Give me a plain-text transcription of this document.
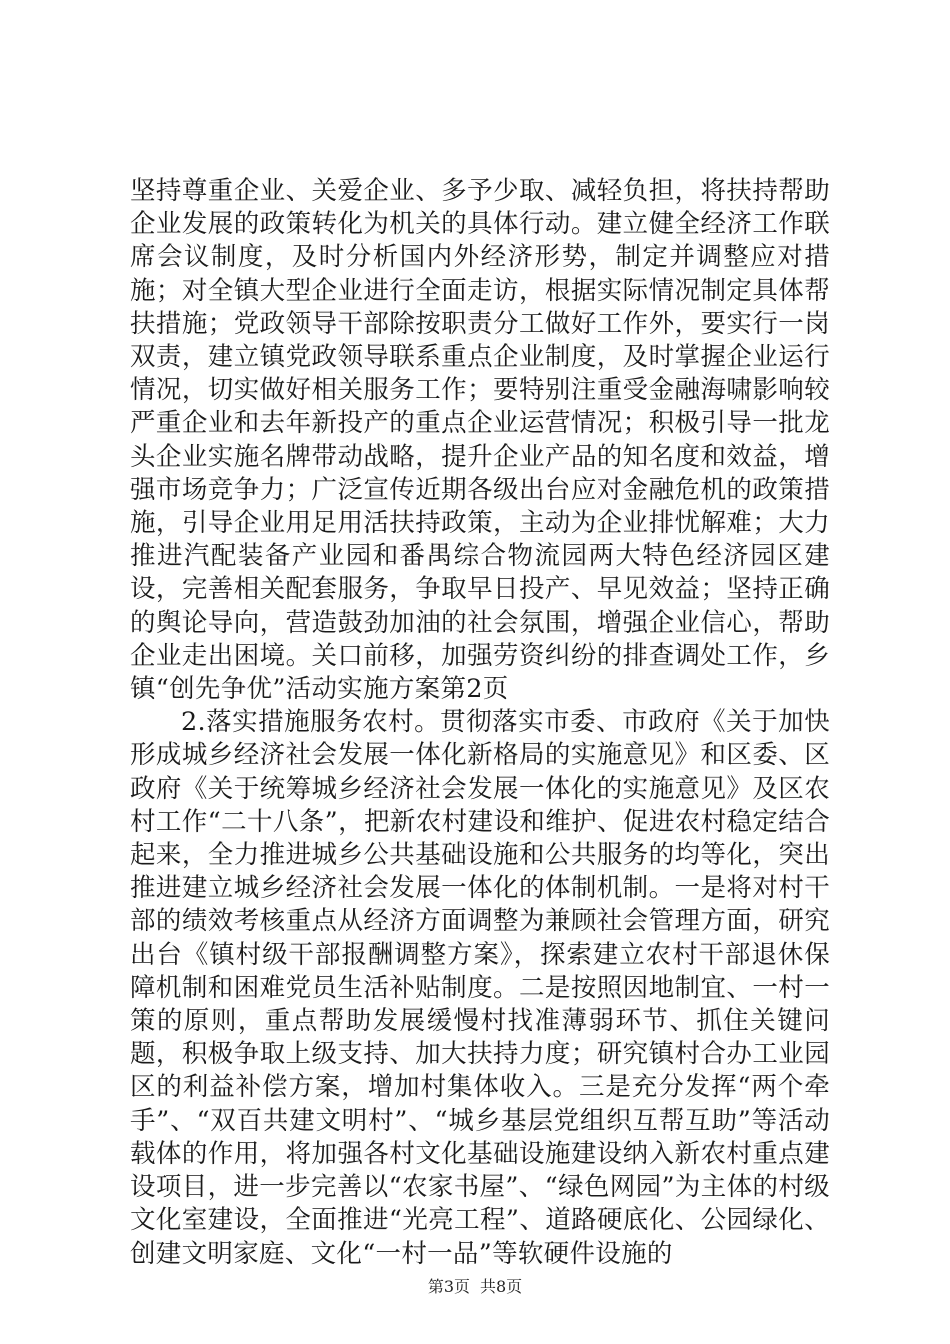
坚持尊重企业、关爱企业、多予少取、减轻负担，将扶持帮助企业发展的政策转化为机关的具体行动。建立健全经济工作联席会议制度，及时分析国内外经济形势，制定并调整应对措施；对全镇大型企业进行全面走访，根据实际情况制定具体帮扶措施；党政领导干部除按职责分工做好工作外，要实行一岗双责，建立镇党政领导联系重点企业制度，及时掌握企业运行情况，切实做好相关服务工作；要特别注重受金融海啸影响较严重企业和去年新投产的重点企业运营情况；积极引导一批龙头企业实施名牌带动战略，提升企业产品的知名度和效益，增强市场竞争力；广泛宣传近期各级出台应对金融危机的政策措施，引导企业用足用活扶持政策，主动为企业排忧解难；大力推进汽配装备产业园和番禺综合物流园两大特色经济园区建设，完善相关配套服务，争取早日投产、早见效益；坚持正确的舆论导向，营造鼓劲加油的社会氛围，增强企业信心，帮助企业走出困境。关口前移，加强劳资纠纷的排查调处工作，乡镇“创先争优”活动实施方案第2页

2.落实措施服务农村。贯彻落实市委、市政府《关于加快形成城乡经济社会发展一体化新格局的实施意见》和区委、区政府《关于统筹城乡经济社会发展一体化的实施意见》及区农村工作“二十八条”，把新农村建设和维护、促进农村稳定结合起来，全力推进城乡公共基础设施和公共服务的均等化，突出推进建立城乡经济社会发展一体化的体制机制。一是将对村干部的绩效考核重点从经济方面调整为兼顾社会管理方面，研究出台《镇村级干部报酬调整方案》，探索建立农村干部退休保障机制和困难党员生活补贴制度。二是按照因地制宜、一村一策的原则，重点帮助发展缓慢村找准薄弱环节、抓住关键问题，积极争取上级支持、加大扶持力度；研究镇村合办工业园区的利益补偿方案，增加村集体收入。三是充分发挥“两个牵手”、“双百共建文明村”、“城乡基层党组织互帮互助”等活动载体的作用，将加强各村文化基础设施建设纳入新农村重点建设项目，进一步完善以“农家书屋”、“绿色网园”为主体的村级文化室建设，全面推进“光亮工程”、道路硬底化、公园绿化、创建文明家庭、文化“一村一品”等软硬件设施的

第3页 共8页
